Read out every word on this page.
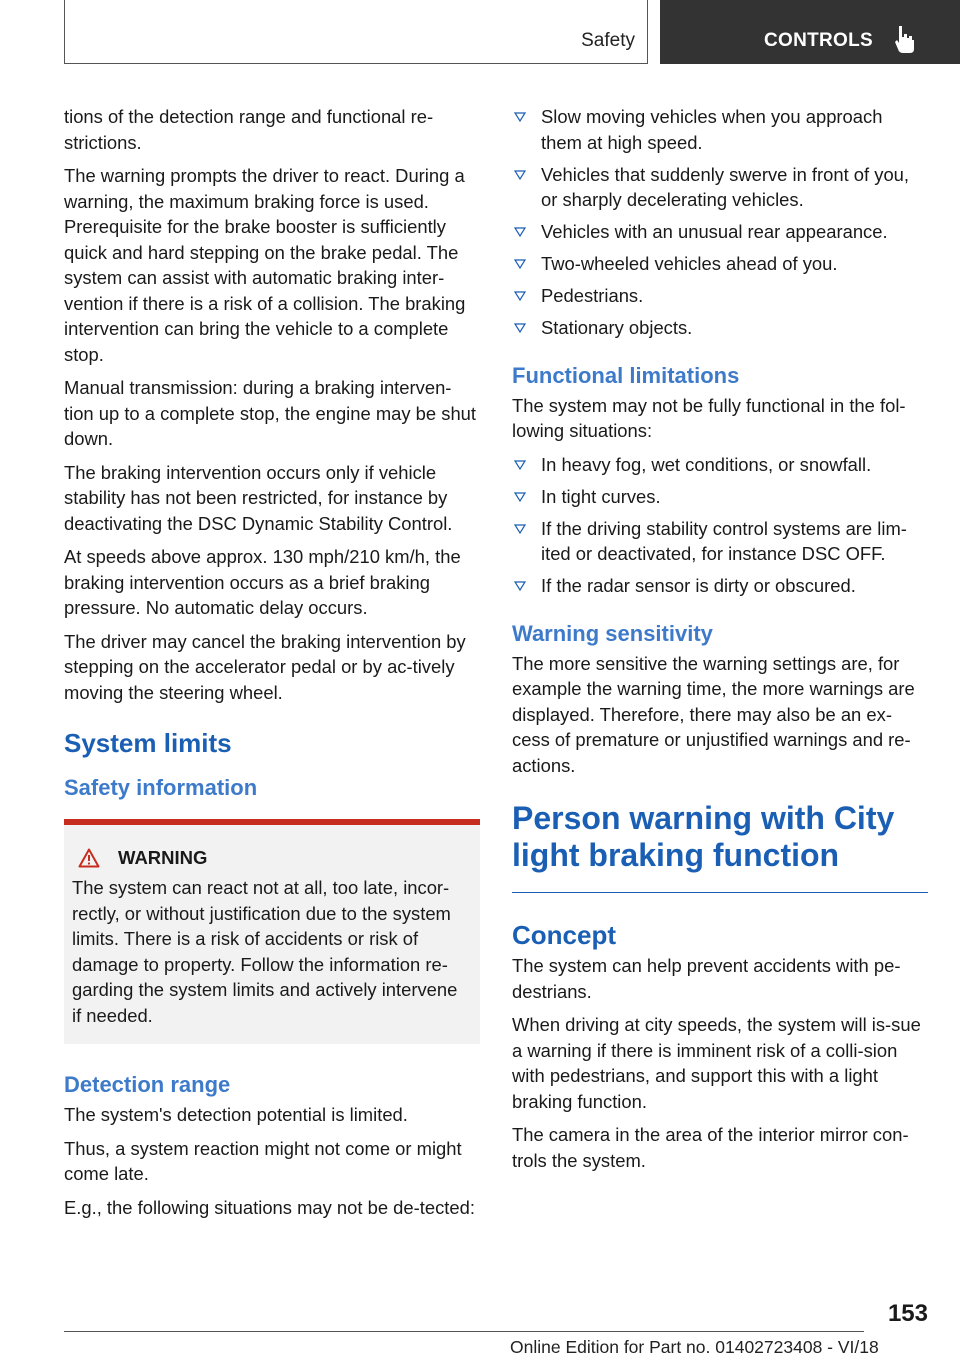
Safety	CONTROLS

tions of the detection range and functional re-strictions.

The warning prompts the driver to react. During a warning, the maximum braking force is used. Prerequisite for the brake booster is sufficiently quick and hard stepping on the brake pedal. The system can assist with automatic braking inter-vention if there is a risk of a collision. The braking intervention can bring the vehicle to a complete stop.

Manual transmission: during a braking interven-tion up to a complete stop, the engine may be shut down.

The braking intervention occurs only if vehicle stability has not been restricted, for instance by deactivating the DSC Dynamic Stability Control.

At speeds above approx. 130 mph/210 km/h, the braking intervention occurs as a brief braking pressure. No automatic delay occurs.

The driver may cancel the braking intervention by stepping on the accelerator pedal or by ac-tively moving the steering wheel.

System limits
Safety information
WARNING

The system can react not at all, too late, incor-rectly, or without justification due to the system limits. There is a risk of accidents or risk of damage to property. Follow the information re-garding the system limits and actively intervene if needed.

Detection range

The system's detection potential is limited.

Thus, a system reaction might not come or might come late.

E.g., the following situations may not be de-tected:

Slow moving vehicles when you approach them at high speed.
Vehicles that suddenly swerve in front of you, or sharply decelerating vehicles.
Vehicles with an unusual rear appearance.
Two-wheeled vehicles ahead of you.
Pedestrians.
Stationary objects.
Functional limitations

The system may not be fully functional in the fol-lowing situations:

In heavy fog, wet conditions, or snowfall.
In tight curves.
If the driving stability control systems are lim-ited or deactivated, for instance DSC OFF.
If the radar sensor is dirty or obscured.
Warning sensitivity

The more sensitive the warning settings are, for example the warning time, the more warnings are displayed. Therefore, there may also be an ex-cess of premature or unjustified warnings and re-actions.

Person warning with City light braking function
Concept

The system can help prevent accidents with pe-destrians.

When driving at city speeds, the system will is-sue a warning if there is imminent risk of a colli-sion with pedestrians, and support this with a light braking function.

The camera in the area of the interior mirror con-trols the system.

153
Online Edition for Part no. 01402723408 - VI/18
